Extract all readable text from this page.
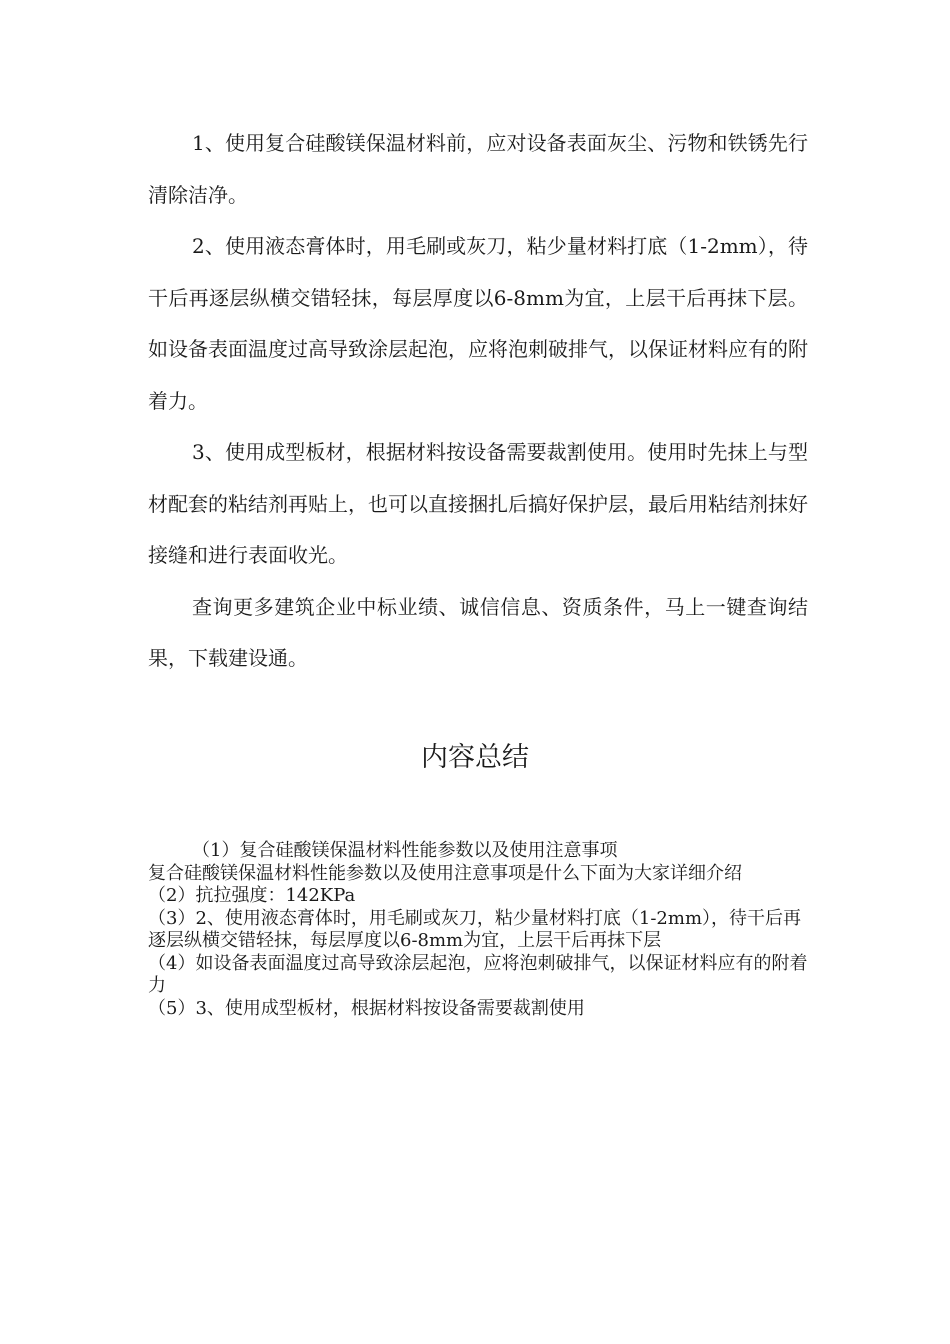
1、使用复合硅酸镁保温材料前，应对设备表面灰尘、污物和铁锈先行清除洁净。

2、使用液态膏体时，用毛刷或灰刀，粘少量材料打底（1-2mm），待干后再逐层纵横交错轻抹，每层厚度以6-8mm为宜，上层干后再抹下层。如设备表面温度过高导致涂层起泡，应将泡刺破排气，以保证材料应有的附着力。

3、使用成型板材，根据材料按设备需要裁割使用。使用时先抹上与型材配套的粘结剂再贴上，也可以直接捆扎后搞好保护层，最后用粘结剂抹好接缝和进行表面收光。

查询更多建筑企业中标业绩、诚信信息、资质条件，马上一键查询结果，下载建设通。

内容总结

（1）复合硅酸镁保温材料性能参数以及使用注意事项

复合硅酸镁保温材料性能参数以及使用注意事项是什么下面为大家详细介绍

（2）抗拉强度：142KPa

（3）2、使用液态膏体时，用毛刷或灰刀，粘少量材料打底（1-2mm），待干后再逐层纵横交错轻抹，每层厚度以6-8mm为宜，上层干后再抹下层

（4）如设备表面温度过高导致涂层起泡，应将泡刺破排气，以保证材料应有的附着力

（5）3、使用成型板材，根据材料按设备需要裁割使用
